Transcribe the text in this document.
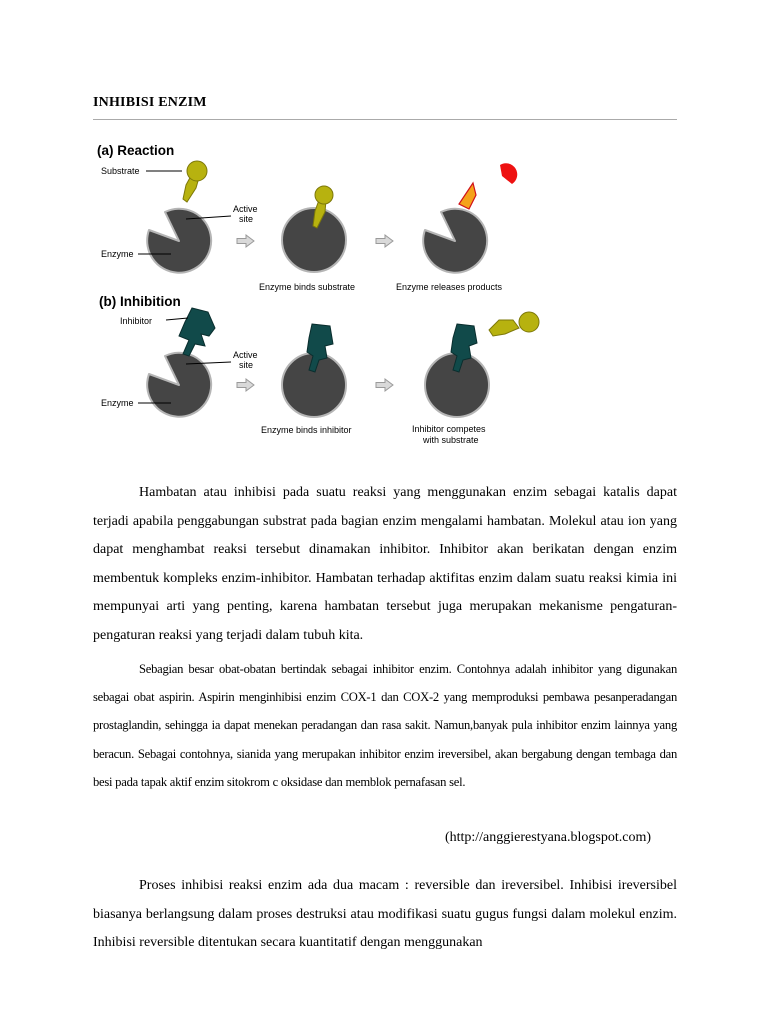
INHIBISI ENZIM
(a) Reaction
(b) Inhibition
Substrate
Active
site
Enzyme
Enzyme binds substrate	Enzyme releases products
Inhibitor
Active
site
Enzyme
Enzyme binds inhibitor	Inhibitor competes
with substrate

Hambatan atau inhibisi pada suatu reaksi yang menggunakan enzim sebagai katalis dapat terjadi apabila penggabungan substrat pada bagian enzim mengalami hambatan. Molekul atau ion yang dapat menghambat reaksi tersebut dinamakan inhibitor. Inhibitor akan berikatan dengan enzim membentuk kompleks enzim-inhibitor. Hambatan terhadap aktifitas enzim dalam suatu reaksi kimia ini mempunyai arti yang penting, karena hambatan tersebut juga merupakan mekanisme pengaturan-pengaturan reaksi yang terjadi dalam tubuh kita.

Sebagian besar obat-obatan bertindak sebagai inhibitor enzim. Contohnya adalah inhibitor yang digunakan sebagai obat aspirin. Aspirin menginhibisi enzim COX-1 dan COX-2 yang memproduksi pembawa pesanperadangan prostaglandin, sehingga ia dapat menekan peradangan dan rasa sakit. Namun,banyak pula inhibitor enzim lainnya yang beracun. Sebagai contohnya, sianida yang merupakan inhibitor enzim ireversibel, akan bergabung dengan tembaga dan besi pada tapak aktif enzim sitokrom c oksidase dan memblok pernafasan sel.

(http://anggierestyana.blogspot.com)

Proses inhibisi reaksi enzim ada dua macam : reversible dan ireversibel. Inhibisi ireversibel biasanya berlangsung dalam proses destruksi atau modifikasi suatu gugus fungsi dalam molekul enzim. Inhibisi reversible ditentukan secara kuantitatif dengan menggunakan
